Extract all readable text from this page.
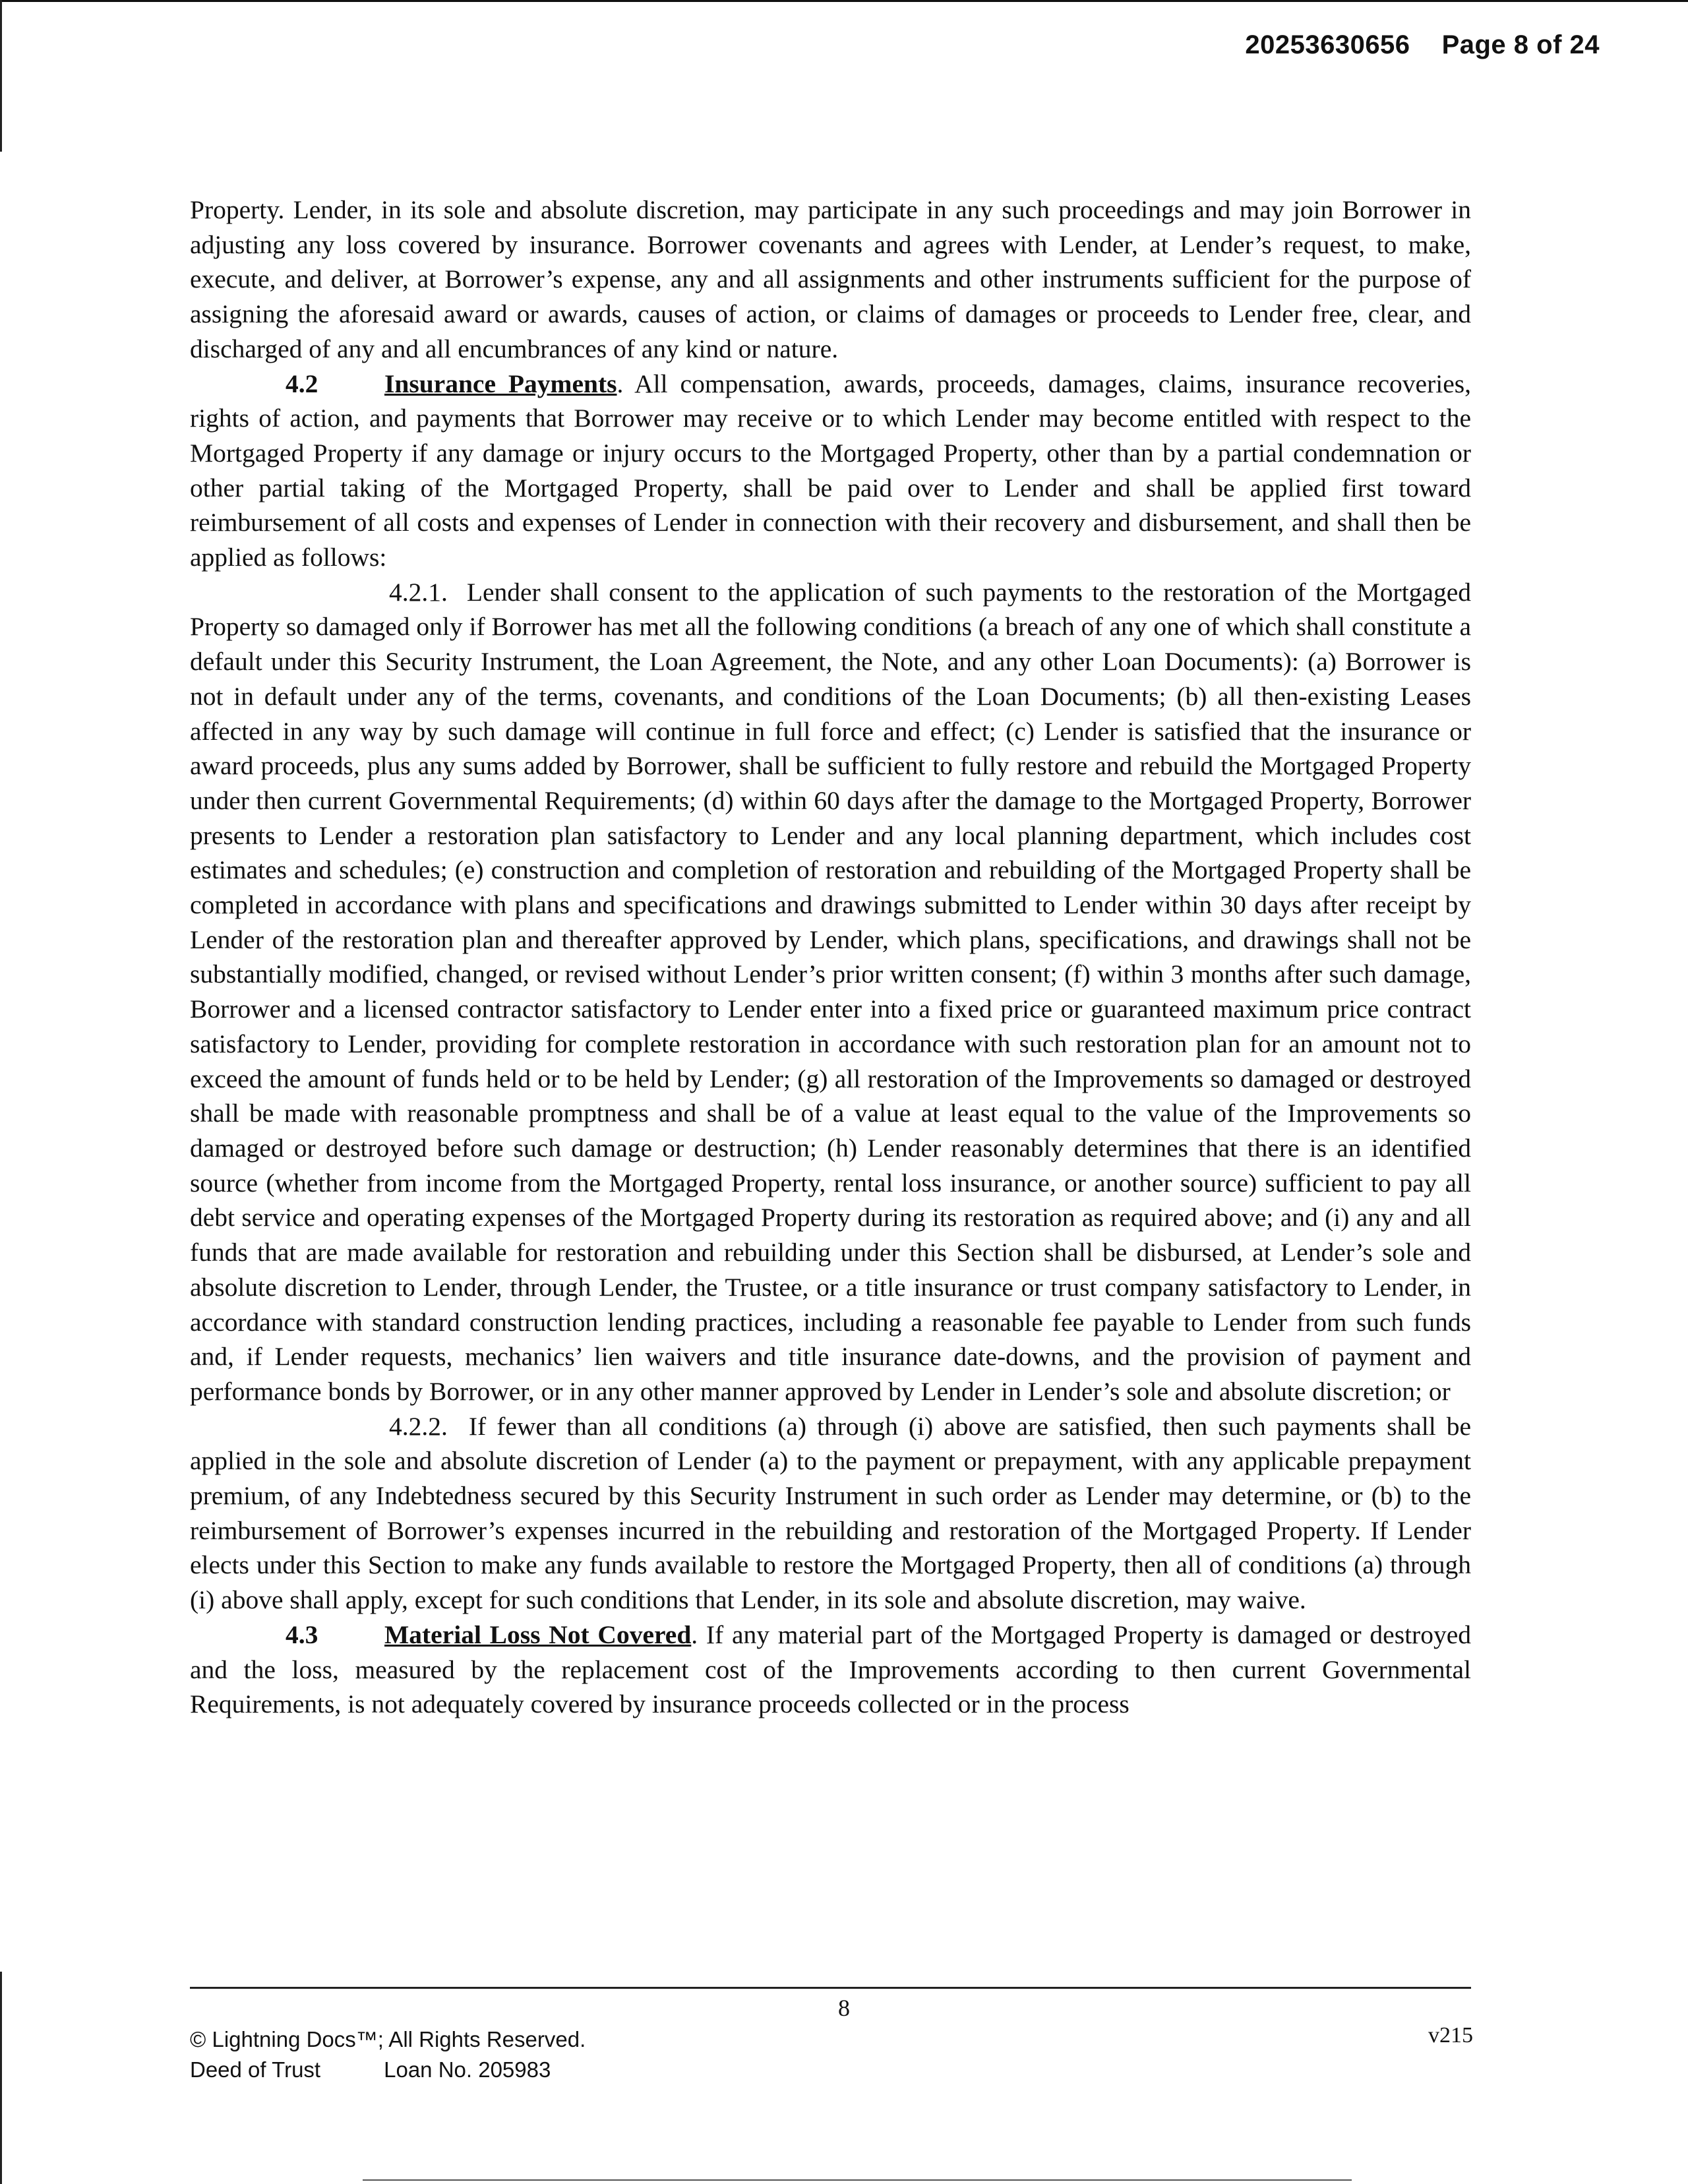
20253630656 Page 8 of 24

Property. Lender, in its sole and absolute discretion, may participate in any such proceedings and may join Borrower in adjusting any loss covered by insurance. Borrower covenants and agrees with Lender, at Lender’s request, to make, execute, and deliver, at Borrower’s expense, any and all assignments and other instruments sufficient for the purpose of assigning the aforesaid award or awards, causes of action, or claims of damages or proceeds to Lender free, clear, and discharged of any and all encumbrances of any kind or nature.

4.2	Insurance Payments. All compensation, awards, proceeds, damages, claims, insurance recoveries, rights of action, and payments that Borrower may receive or to which Lender may become entitled with respect to the Mortgaged Property if any damage or injury occurs to the Mortgaged Property, other than by a partial condemnation or other partial taking of the Mortgaged Property, shall be paid over to Lender and shall be applied first toward reimbursement of all costs and expenses of Lender in connection with their recovery and disbursement, and shall then be applied as follows:

4.2.1. Lender shall consent to the application of such payments to the restoration of the Mortgaged Property so damaged only if Borrower has met all the following conditions (a breach of any one of which shall constitute a default under this Security Instrument, the Loan Agreement, the Note, and any other Loan Documents): (a) Borrower is not in default under any of the terms, covenants, and conditions of the Loan Documents; (b) all then-existing Leases affected in any way by such damage will continue in full force and effect; (c) Lender is satisfied that the insurance or award proceeds, plus any sums added by Borrower, shall be sufficient to fully restore and rebuild the Mortgaged Property under then current Governmental Requirements; (d) within 60 days after the damage to the Mortgaged Property, Borrower presents to Lender a restoration plan satisfactory to Lender and any local planning department, which includes cost estimates and schedules; (e) construction and completion of restoration and rebuilding of the Mortgaged Property shall be completed in accordance with plans and specifications and drawings submitted to Lender within 30 days after receipt by Lender of the restoration plan and thereafter approved by Lender, which plans, specifications, and drawings shall not be substantially modified, changed, or revised without Lender’s prior written consent; (f) within 3 months after such damage, Borrower and a licensed contractor satisfactory to Lender enter into a fixed price or guaranteed maximum price contract satisfactory to Lender, providing for complete restoration in accordance with such restoration plan for an amount not to exceed the amount of funds held or to be held by Lender; (g) all restoration of the Improvements so damaged or destroyed shall be made with reasonable promptness and shall be of a value at least equal to the value of the Improvements so damaged or destroyed before such damage or destruction; (h) Lender reasonably determines that there is an identified source (whether from income from the Mortgaged Property, rental loss insurance, or another source) sufficient to pay all debt service and operating expenses of the Mortgaged Property during its restoration as required above; and (i) any and all funds that are made available for restoration and rebuilding under this Section shall be disbursed, at Lender’s sole and absolute discretion to Lender, through Lender, the Trustee, or a title insurance or trust company satisfactory to Lender, in accordance with standard construction lending practices, including a reasonable fee payable to Lender from such funds and, if Lender requests, mechanics’ lien waivers and title insurance date-downs, and the provision of payment and performance bonds by Borrower, or in any other manner approved by Lender in Lender’s sole and absolute discretion; or

4.2.2. If fewer than all conditions (a) through (i) above are satisfied, then such payments shall be applied in the sole and absolute discretion of Lender (a) to the payment or prepayment, with any applicable prepayment premium, of any Indebtedness secured by this Security Instrument in such order as Lender may determine, or (b) to the reimbursement of Borrower’s expenses incurred in the rebuilding and restoration of the Mortgaged Property. If Lender elects under this Section to make any funds available to restore the Mortgaged Property, then all of conditions (a) through (i) above shall apply, except for such conditions that Lender, in its sole and absolute discretion, may waive.

4.3	Material Loss Not Covered. If any material part of the Mortgaged Property is damaged or destroyed and the loss, measured by the replacement cost of the Improvements according to then current Governmental Requirements, is not adequately covered by insurance proceeds collected or in the process

8
© Lightning Docs™; All Rights Reserved.
Deed of Trust	Loan No. 205983
v215
